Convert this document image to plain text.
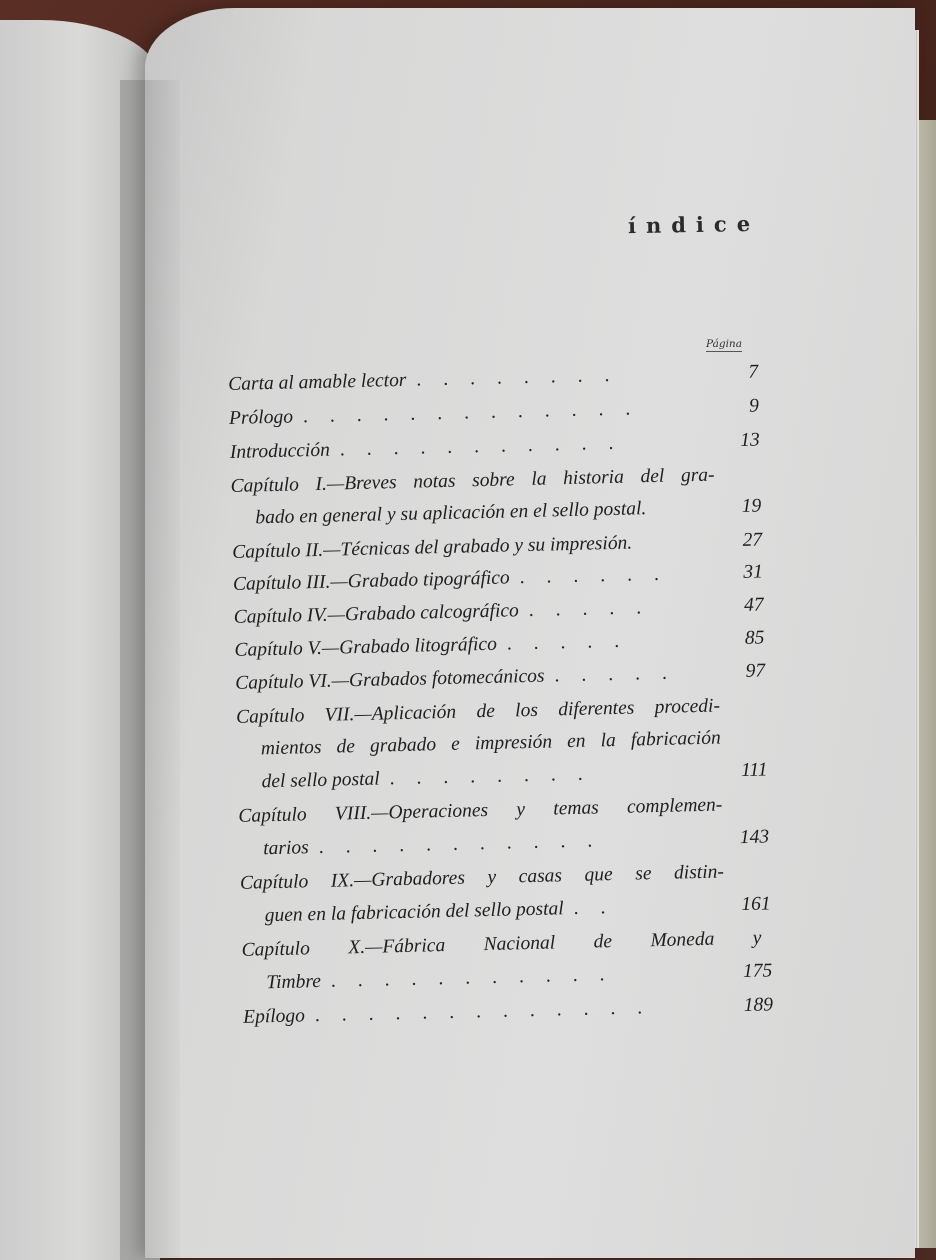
índice
Página
Carta al amable lector ........	7
Prólogo .............	9
Introducción ...........	13
Capítulo I.—Breves notas sobre la historia del gra-
bado en general y su aplicación en el sello postal.	19
Capítulo II.—Técnicas del grabado y su impresión.	27
Capítulo III.—Grabado tipográfico ......	31
Capítulo IV.—Grabado calcográfico .....	47
Capítulo V.—Grabado litográfico .....	85
Capítulo VI.—Grabados fotomecánicos .....	97
Capítulo VII.—Aplicación de los diferentes procedi-
mientos de grabado e impresión en la fabricación
del sello postal ........	111
Capítulo VIII.—Operaciones y temas complemen-
tarios ...........	143
Capítulo IX.—Grabadores y casas que se distin-
guen en la fabricación del sello postal ..	161
Capítulo X.—Fábrica Nacional de Moneda y
Timbre ...........	175
Epílogo .............	189
